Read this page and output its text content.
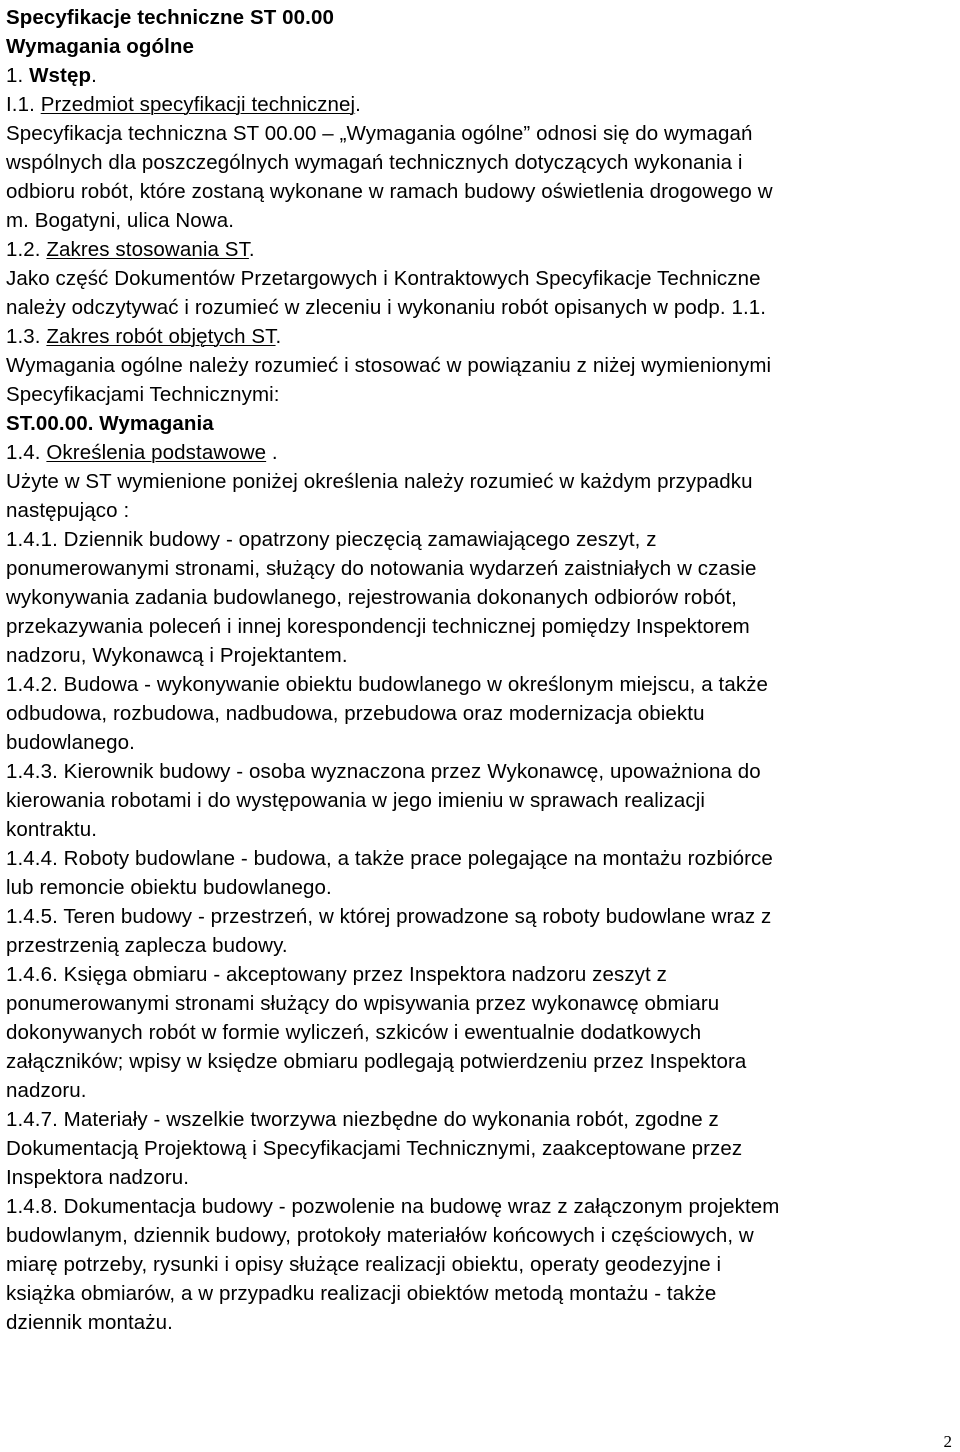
Specyfikacje techniczne ST 00.00
Wymagania ogólne
1. Wstęp.
I.1. Przedmiot specyfikacji technicznej.
Specyfikacja techniczna ST 00.00 – „Wymagania ogólne” odnosi się do wymagań
wspólnych dla poszczególnych wymagań technicznych dotyczących wykonania i
odbioru robót, które zostaną wykonane w ramach budowy oświetlenia drogowego w
m. Bogatyni, ulica Nowa.
1.2. Zakres stosowania ST.
Jako część Dokumentów Przetargowych i Kontraktowych Specyfikacje Techniczne
należy odczytywać i rozumieć w zleceniu i wykonaniu robót opisanych w podp. 1.1.
1.3. Zakres robót objętych ST.
Wymagania ogólne należy rozumieć i stosować w powiązaniu z niżej wymienionymi
Specyfikacjami Technicznymi:
ST.00.00. Wymagania
1.4. Określenia podstawowe .
Użyte w ST wymienione poniżej określenia należy rozumieć w każdym przypadku
następująco :
1.4.1. Dziennik budowy - opatrzony pieczęcią zamawiającego zeszyt, z
ponumerowanymi stronami, służący do notowania wydarzeń zaistniałych w czasie
wykonywania zadania budowlanego, rejestrowania dokonanych odbiorów robót,
przekazywania poleceń i innej korespondencji technicznej pomiędzy Inspektorem
nadzoru, Wykonawcą i Projektantem.
1.4.2. Budowa - wykonywanie obiektu budowlanego w określonym miejscu, a także
odbudowa, rozbudowa, nadbudowa, przebudowa oraz modernizacja obiektu
budowlanego.
1.4.3. Kierownik budowy - osoba wyznaczona przez Wykonawcę, upoważniona do
kierowania robotami i do występowania w jego imieniu w sprawach realizacji
kontraktu.
1.4.4. Roboty budowlane - budowa, a także prace polegające na montażu rozbiórce
lub remoncie obiektu budowlanego.
1.4.5. Teren budowy - przestrzeń, w której prowadzone są roboty budowlane wraz z
przestrzenią zaplecza budowy.
1.4.6. Księga obmiaru - akceptowany przez Inspektora nadzoru zeszyt z
ponumerowanymi stronami służący do wpisywania przez wykonawcę obmiaru
dokonywanych robót w formie wyliczeń, szkiców i ewentualnie dodatkowych
załączników; wpisy w księdze obmiaru podlegają potwierdzeniu przez Inspektora
nadzoru.
1.4.7. Materiały - wszelkie tworzywa niezbędne do wykonania robót, zgodne z
Dokumentacją Projektową i Specyfikacjami Technicznymi, zaakceptowane przez
Inspektora nadzoru.
1.4.8. Dokumentacja budowy - pozwolenie na budowę wraz z załączonym projektem
budowlanym, dziennik budowy, protokoły materiałów końcowych i częściowych, w
miarę potrzeby, rysunki i opisy służące realizacji obiektu, operaty geodezyjne i
książka obmiarów, a w przypadku realizacji obiektów metodą montażu - także
dziennik montażu.
2
